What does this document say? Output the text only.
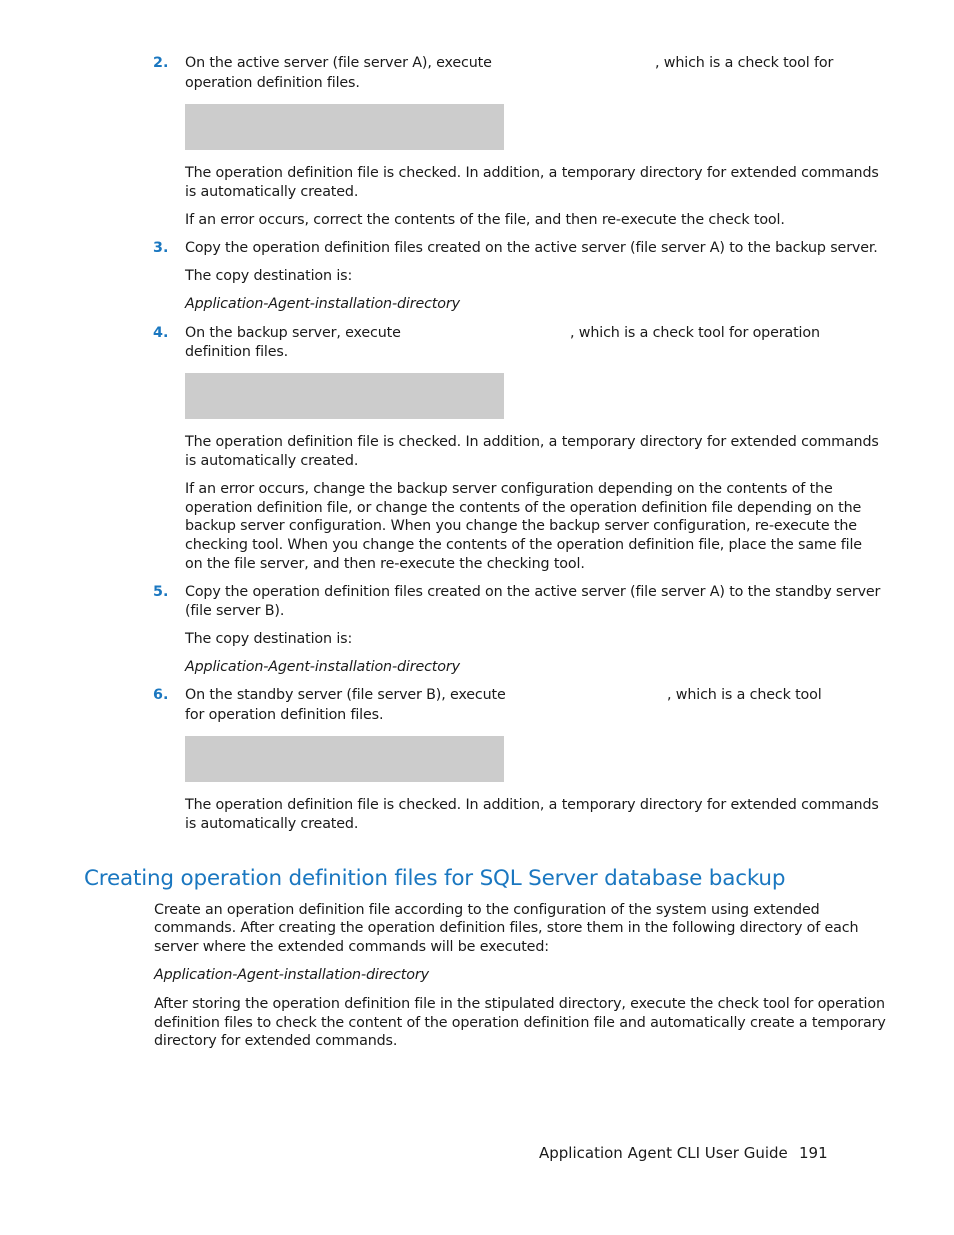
2. On the active server (file server A), execute	, which is a check tool for
operation definition files.
The operation definition file is checked. In addition, a temporary directory for extended commands
is automatically created.
If an error occurs, correct the contents of the file, and then re-execute the check tool.
3. Copy the operation definition files created on the active server (file server A) to the backup server.
The copy destination is:
Application-Agent-installation-directory
4. On the backup server, execute	, which is a check tool for operation
definition files.
The operation definition file is checked. In addition, a temporary directory for extended commands
is automatically created.
If an error occurs, change the backup server configuration depending on the contents of the
operation definition file, or change the contents of the operation definition file depending on the
backup server configuration. When you change the backup server configuration, re-execute the
checking tool. When you change the contents of the operation definition file, place the same file
on the file server, and then re-execute the checking tool.
5. Copy the operation definition files created on the active server (file server A) to the standby server
(file server B).
The copy destination is:
Application-Agent-installation-directory
6. On the standby server (file server B), execute	, which is a check tool
for operation definition files.
The operation definition file is checked. In addition, a temporary directory for extended commands
is automatically created.
Creating operation definition files for SQL Server database backup
Create an operation definition file according to the configuration of the system using extended
commands. After creating the operation definition files, store them in the following directory of each
server where the extended commands will be executed:
Application-Agent-installation-directory
After storing the operation definition file in the stipulated directory, execute the check tool for operation
definition files to check the content of the operation definition file and automatically create a temporary
directory for extended commands.
Application Agent CLI User Guide 191
